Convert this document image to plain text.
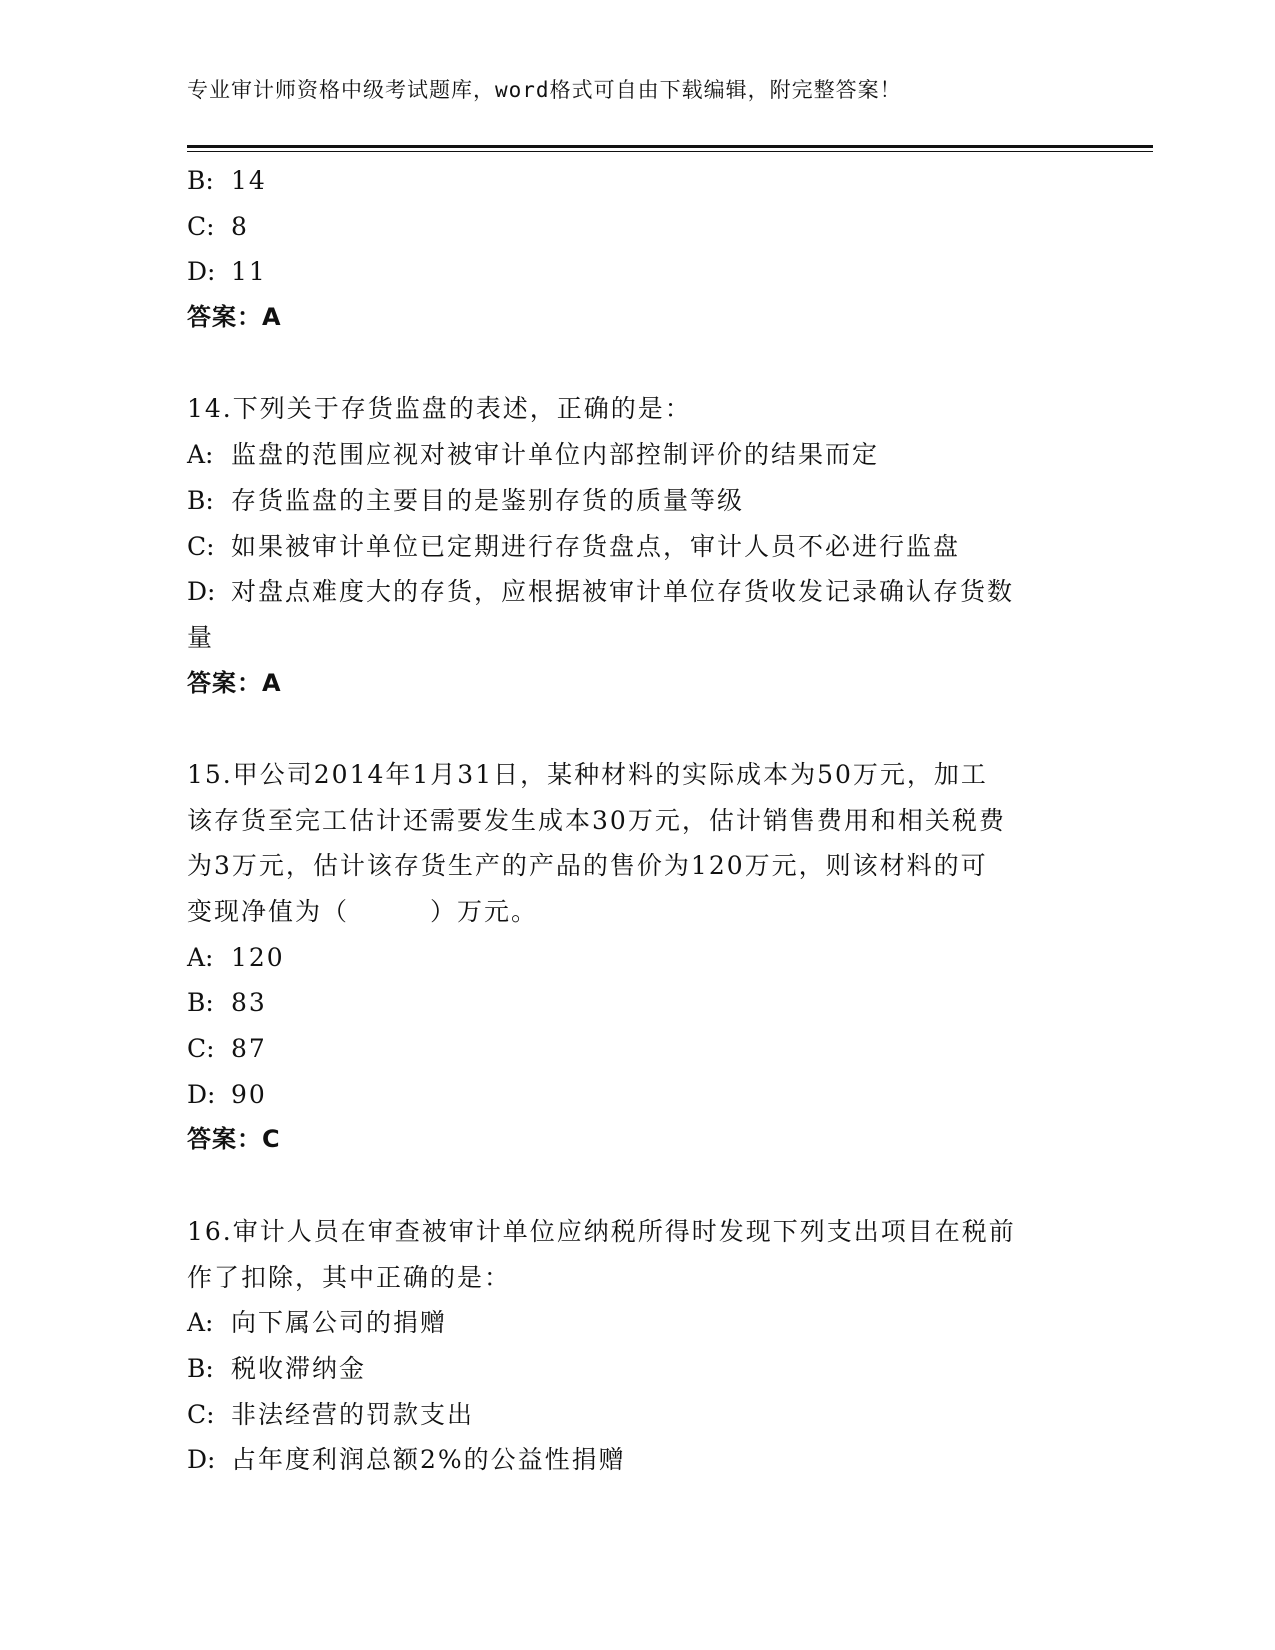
专业审计师资格中级考试题库，word格式可自由下载编辑，附完整答案！
B: 14
C: 8
D: 11
答案：A
14.下列关于存货监盘的表述，正确的是：
A: 监盘的范围应视对被审计单位内部控制评价的结果而定
B: 存货监盘的主要目的是鉴别存货的质量等级
C: 如果被审计单位已定期进行存货盘点，审计人员不必进行监盘
D: 对盘点难度大的存货，应根据被审计单位存货收发记录确认存货数
量
答案：A
15.甲公司2014年1月31日，某种材料的实际成本为50万元，加工
该存货至完工估计还需要发生成本30万元，估计销售费用和相关税费
为3万元，估计该存货生产的产品的售价为120万元，则该材料的可
变现净值为（　　　）万元。
A: 120
B: 83
C: 87
D: 90
答案：C
16.审计人员在审查被审计单位应纳税所得时发现下列支出项目在税前
作了扣除，其中正确的是：
A: 向下属公司的捐赠
B: 税收滞纳金
C: 非法经营的罚款支出
D: 占年度利润总额2%的公益性捐赠
